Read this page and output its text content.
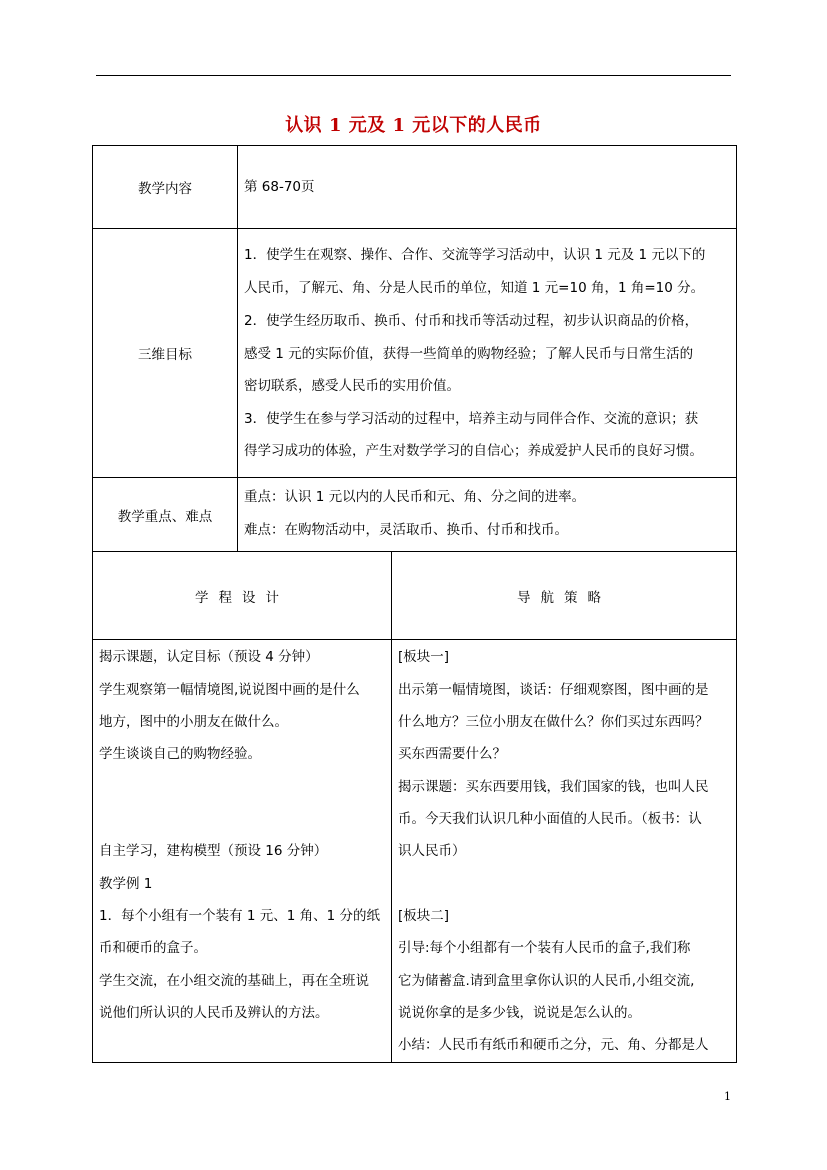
认识 1 元及 1 元以下的人民币
教学内容	第 68-70页
三维目标
1．使学生在观察、操作、合作、交流等学习活动中，认识 1 元及 1 元以下的
人民币，了解元、角、分是人民币的单位，知道 1 元=10 角，1 角=10 分。
2．使学生经历取币、换币、付币和找币等活动过程，初步认识商品的价格，
感受 1 元的实际价值，获得一些简单的购物经验；了解人民币与日常生活的
密切联系，感受人民币的实用价值。
3．使学生在参与学习活动的过程中，培养主动与同伴合作、交流的意识；获
得学习成功的体验，产生对数学学习的自信心；养成爱护人民币的良好习惯。
教学重点、难点
重点：认识 1 元以内的人民币和元、角、分之间的进率。
难点：在购物活动中，灵活取币、换币、付币和找币。
学程设计	导航策略
揭示课题，认定目标（预设 4 分钟）
学生观察第一幅情境图,说说图中画的是什么
地方，图中的小朋友在做什么。
学生谈谈自己的购物经验。
自主学习，建构模型（预设 16 分钟）
教学例 1
1．每个小组有一个装有 1 元、1 角、1 分的纸
币和硬币的盒子。
学生交流，在小组交流的基础上，再在全班说
说他们所认识的人民币及辨认的方法。
[板块一]
出示第一幅情境图，谈话：仔细观察图，图中画的是
什么地方？三位小朋友在做什么？你们买过东西吗？
买东西需要什么？
揭示课题：买东西要用钱，我们国家的钱，也叫人民
币。今天我们认识几种小面值的人民币。（板书：认
识人民币）
[板块二]
引导:每个小组都有一个装有人民币的盒子,我们称
它为储蓄盒.请到盒里拿你认识的人民币,小组交流,
说说你拿的是多少钱，说说是怎么认的。
小结：人民币有纸币和硬币之分，元、角、分都是人
1
